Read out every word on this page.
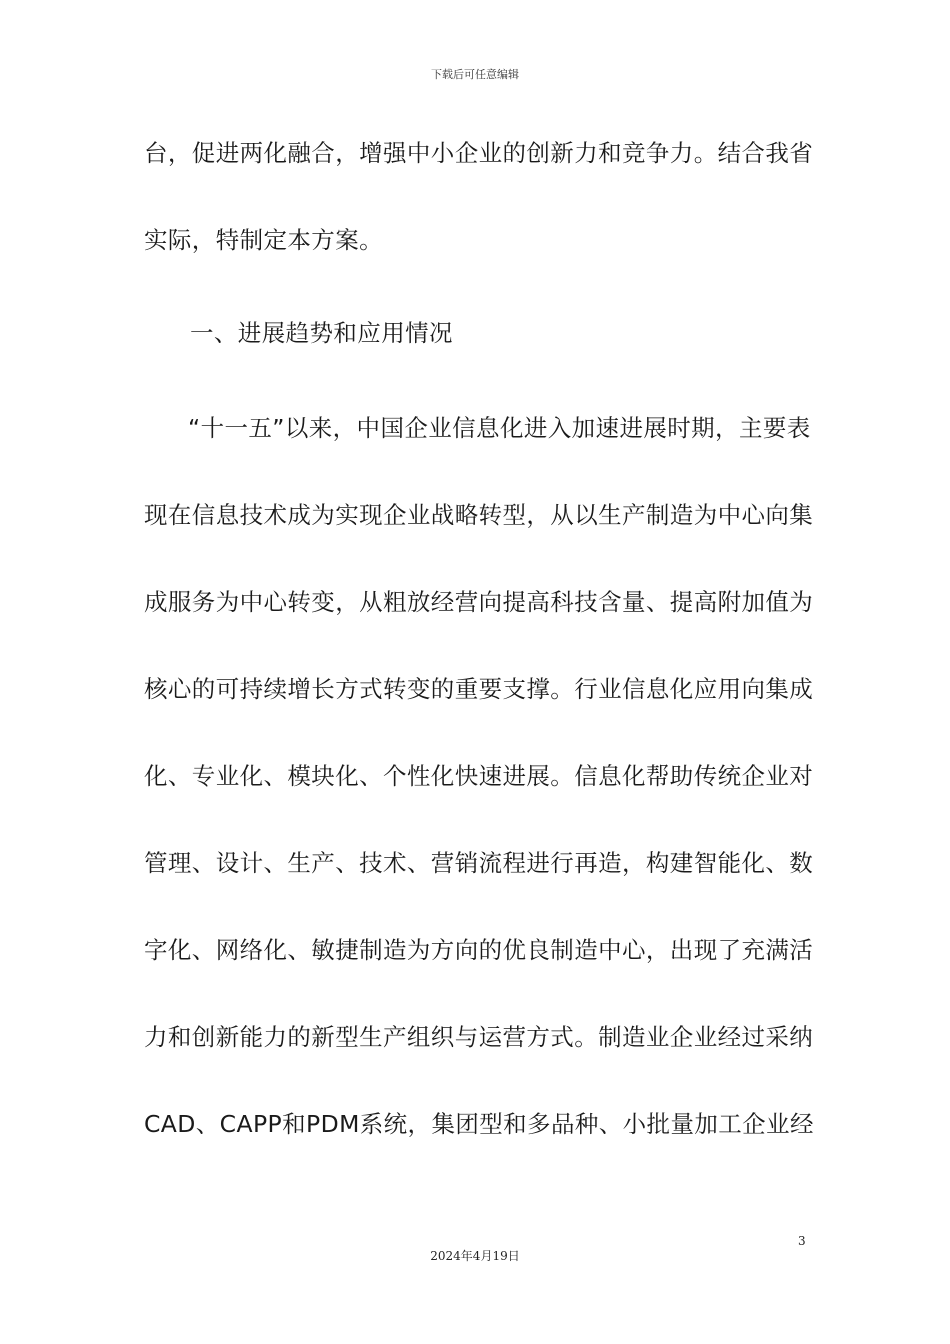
下载后可任意编辑
台，促进两化融合，增强中小企业的创新力和竞争力。结合我省
实际，特制定本方案。
一、进展趋势和应用情况
“十一五”以来，中国企业信息化进入加速进展时期，主要表
现在信息技术成为实现企业战略转型，从以生产制造为中心向集
成服务为中心转变，从粗放经营向提高科技含量、提高附加值为
核心的可持续增长方式转变的重要支撑。行业信息化应用向集成
化、专业化、模块化、个性化快速进展。信息化帮助传统企业对
管理、设计、生产、技术、营销流程进行再造，构建智能化、数
字化、网络化、敏捷制造为方向的优良制造中心，出现了充满活
力和创新能力的新型生产组织与运营方式。制造业企业经过采纳
CAD、CAPP和PDM系统，集团型和多品种、小批量加工企业经
3
2024年4月19日
